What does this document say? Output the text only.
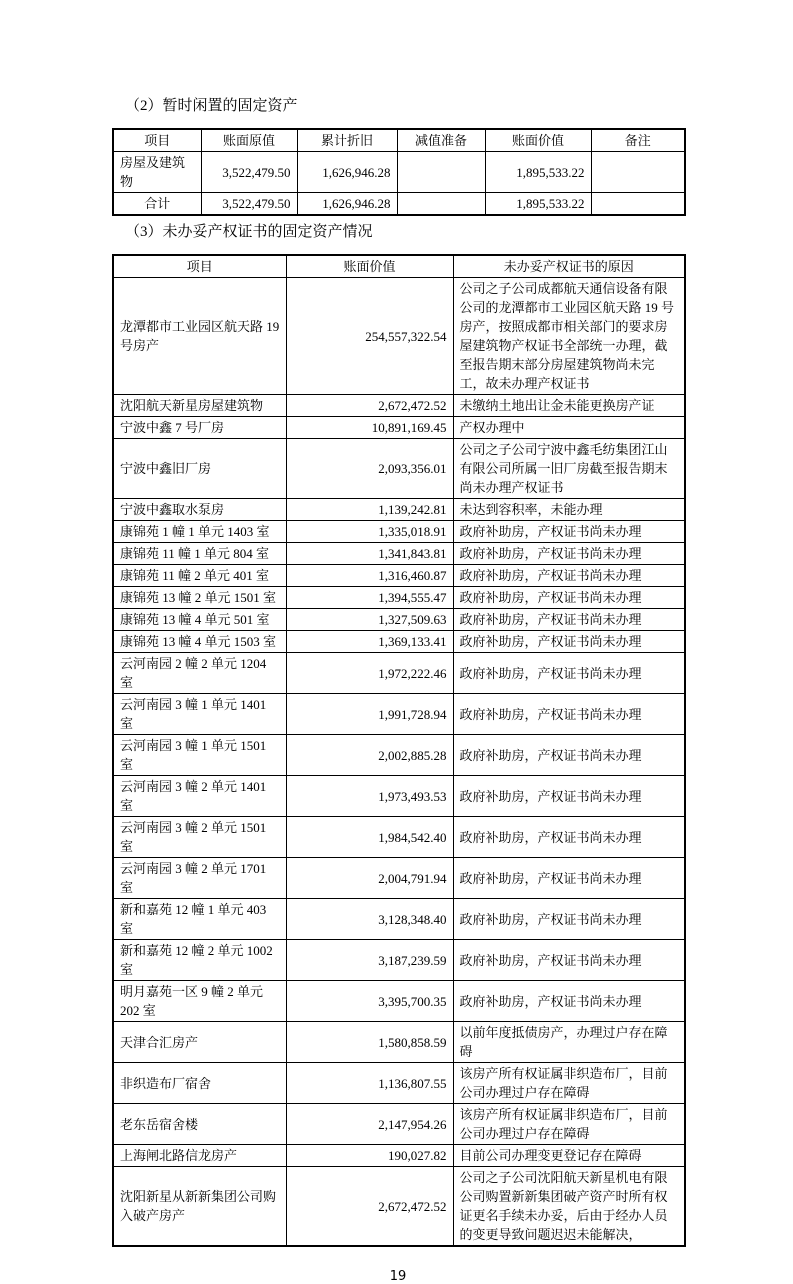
（2）暂时闲置的固定资产
项目	账面原值	累计折旧	减值准备	账面价值	备注
房屋及建筑物	3,522,479.50	1,626,946.28		1,895,533.22	
合计	3,522,479.50	1,626,946.28		1,895,533.22	
（3）未办妥产权证书的固定资产情况
项目	账面价值	未办妥产权证书的原因
龙潭都市工业园区航天路 19 号房产	254,557,322.54	公司之子公司成都航天通信设备有限公司的龙潭都市工业园区航天路 19 号房产，按照成都市相关部门的要求房屋建筑物产权证书全部统一办理，截至报告期末部分房屋建筑物尚未完工，故未办理产权证书
沈阳航天新星房屋建筑物	2,672,472.52	未缴纳土地出让金未能更换房产证
宁波中鑫 7 号厂房	10,891,169.45	产权办理中
宁波中鑫旧厂房	2,093,356.01	公司之子公司宁波中鑫毛纺集团江山有限公司所属一旧厂房截至报告期末尚未办理产权证书
宁波中鑫取水泵房	1,139,242.81	未达到容积率，未能办理
康锦苑 1 幢 1 单元 1403 室	1,335,018.91	政府补助房，产权证书尚未办理
康锦苑 11 幢 1 单元 804 室	1,341,843.81	政府补助房，产权证书尚未办理
康锦苑 11 幢 2 单元 401 室	1,316,460.87	政府补助房，产权证书尚未办理
康锦苑 13 幢 2 单元 1501 室	1,394,555.47	政府补助房，产权证书尚未办理
康锦苑 13 幢 4 单元 501 室	1,327,509.63	政府补助房，产权证书尚未办理
康锦苑 13 幢 4 单元 1503 室	1,369,133.41	政府补助房，产权证书尚未办理
云河南园 2 幢 2 单元 1204 室	1,972,222.46	政府补助房，产权证书尚未办理
云河南园 3 幢 1 单元 1401 室	1,991,728.94	政府补助房，产权证书尚未办理
云河南园 3 幢 1 单元 1501 室	2,002,885.28	政府补助房，产权证书尚未办理
云河南园 3 幢 2 单元 1401 室	1,973,493.53	政府补助房，产权证书尚未办理
云河南园 3 幢 2 单元 1501 室	1,984,542.40	政府补助房，产权证书尚未办理
云河南园 3 幢 2 单元 1701 室	2,004,791.94	政府补助房，产权证书尚未办理
新和嘉苑 12 幢 1 单元 403 室	3,128,348.40	政府补助房，产权证书尚未办理
新和嘉苑 12 幢 2 单元 1002 室	3,187,239.59	政府补助房，产权证书尚未办理
明月嘉苑一区 9 幢 2 单元 202 室	3,395,700.35	政府补助房，产权证书尚未办理
天津合汇房产	1,580,858.59	以前年度抵债房产，办理过户存在障碍
非织造布厂宿舍	1,136,807.55	该房产所有权证属非织造布厂，目前公司办理过户存在障碍
老东岳宿舍楼	2,147,954.26	该房产所有权证属非织造布厂，目前公司办理过户存在障碍
上海闸北路信龙房产	190,027.82	目前公司办理变更登记存在障碍
沈阳新星从新新集团公司购入破产房产	2,672,472.52	公司之子公司沈阳航天新星机电有限公司购置新新集团破产资产时所有权证更名手续未办妥，后由于经办人员的变更导致问题迟迟未能解决，
19
